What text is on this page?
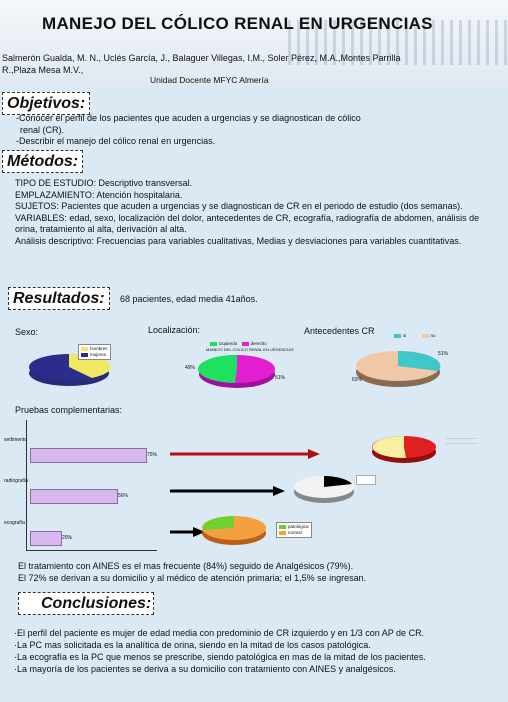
MANEJO DEL CÓLICO RENAL EN URGENCIAS
Salmerón Gualda, M. N., Uclés García, J., Balaguer Villegas, I.M., Soler Pérez, M.A.,Montes Parrilla
R.,Plaza Mesa M.V.,
Unidad Docente MFYC Almería
Objetivos:
-Conocer el perfil de los pacientes que acuden a urgencias y se diagnostican de cólico
renal (CR).
-Describir el manejo del cólico renal en urgencias.
Métodos:
TIPO DE ESTUDIO: Descriptivo transversal.
EMPLAZAMIENTO: Atención hospitalaria.
SUJETOS: Pacientes que acuden a urgencias y se diagnostican de CR en el periodo de estudio (dos semanas).
VARIABLES: edad, sexo, localización del dolor, antecedentes de CR, ecografía, radiografía de abdomen, análisis de orina, tratamiento al alta, derivación al alta.
Análisis descriptivo: Frecuencias para variables cualitativas, Medias y desviaciones para variables cuantitativas.
Resultados:	68 pacientes, edad media 41años.
Sexo:	Localización:	Antecedentes CR
hombres
mujeres
izquierdo	derecho
MANEJO DEL COLICO RENAL EN URGENCIAS
49%
51%
si	no
51%
63%
Pruebas complementarias:
sedimento
75%
radiografía
56%
ecografía
20%
patológica
normal
El tratamiento con AINES es el mas frecuente (84%) seguido de Analgésicos (79%).
El 72% se derivan a su domicilio y al médico de atención primaria; el 1,5% se ingresan.
Conclusiones:
·El perfil del paciente es mujer de edad media con predominio de CR izquierdo y en 1/3 con AP de CR.
·La PC mas solicitada es la analítica de orina, siendo en la mitad de los casos patológica.
·La ecografía es la PC que menos se prescribe, siendo patológica en mas de la mitad de los pacientes.
·La mayoría de los pacientes se deriva a su domicilio con tratamiento con AINES y analgésicos.
